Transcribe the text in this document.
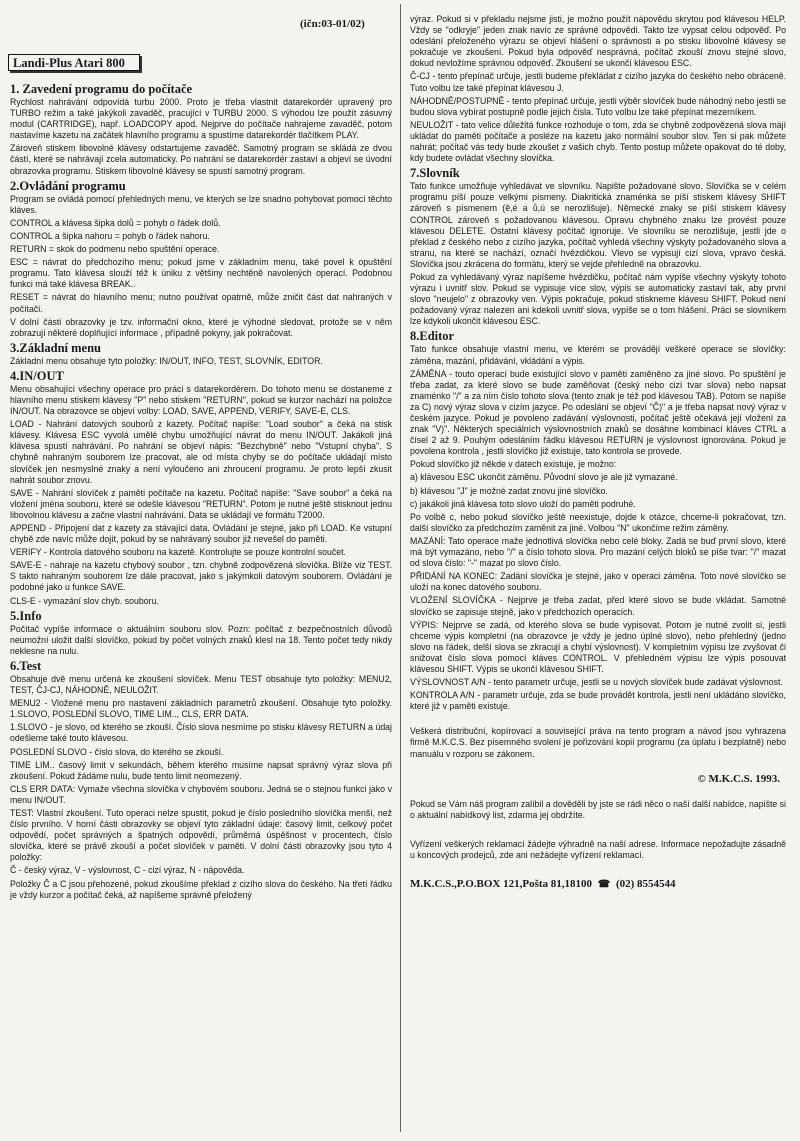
(ičn:03-01/02)
Landi-Plus Atari 800
1. Zavedení programu do počítače

Rychlost nahrávání odpovídá turbu 2000. Proto je třeba vlastnit datarekordér upravený pro TURBO režim a také jakýkoli zavaděč, pracující v TURBU 2000. S výhodou lze použít zásuvný modul (CARTRIDGE), např. LOADCOPY apod. Nejprve do počítače nahrajeme zavaděč, potom nastavíme kazetu na začátek hlavního programu a spustíme datarekordér tlačítkem PLAY.

Zároveň stiskem libovolné klávesy odstartujeme zavaděč. Samotný program se skládá ze dvou částí, které se nahrávají zcela automaticky. Po nahrání se datarekordér zastaví a objeví se úvodní obrazovka programu. Stiskem libovolné klávesy se spustí samotný program.

2.Ovládání programu

Program se ovládá pomocí přehledných menu, ve kterých se lze snadno pohybovat pomocí těchto kláves.

CONTROL a klávesa šipka dolů = pohyb o řádek dolů.

CONTROL a šipka nahoru = pohyb o řádek nahoru.

RETURN = skok do podmenu nebo spuštění operace.

ESC = návrat do předchozího menu; pokud jsme v základním menu, také povel k opuštění programu. Tato klávesa slouží též k úniku z většiny nechtěně navolených operací. Podobnou funkci má také klávesa BREAK..

RESET = návrat do hlavního menu; nutno používat opatrně, může zničit část dat nahraných v počítači.

V dolní části obrazovky je tzv. informační okno, které je výhodné sledovat, protože se v něm zobrazují některé doplňující informace , případně pokyny, jak pokračovat.

3.Základní menu

Základní menu obsahuje tyto položky: IN/OUT, INFO, TEST, SLOVNÍK, EDITOR.

4.IN/OUT

Menu obsahující všechny operace pro práci s datarekordérem. Do tohoto menu se dostaneme z hlavního menu stiskem klávesy "P" nebo stiskem "RETURN", pokud se kurzor nachází na položce IN/OUT. Na obrazovce se objeví volby: LOAD, SAVE, APPEND, VERIFY, SAVE-E, CLS.

LOAD - Nahrání datových souborů z kazety. Počítač napíše: "Load soubor" a čeká na stisk klávesy. Klávesa ESC vyvolá umělé chybu umožňující návrat do menu IN/OUT. Jakákoli jiná klávesa spustí nahrávání. Po nahrání se objeví nápis: "Bezchybně" nebo "Vstupní chyba". S chybně nahraným souborem lze pracovat, ale od místa chyby se do počítače ukládají místo slovíček jen nesmyslné znaky a není vyloučeno ani zhroucení programu. Je proto lepší zkusit nahrát soubor znovu.

SAVE - Nahrání slovíček z paměti počítače na kazetu. Počítač napíše: "Save soubor" a čeká na vložení jména souboru, které se odešle klávesou "RETURN". Potom je nutné ještě stisknout jednu libovolnou klávesu a začne vlastní nahrávání. Data se ukládají ve formátu T2000.

APPEND - Připojení dat z kazety za stávající data. Ovládání je stejné, jako při LOAD. Ke vstupní chybě zde navíc může dojít, pokud by se nahrávaný soubor již nevešel do paměti.

VERIFY - Kontrola datového souboru na kazetě. Kontrolujte se pouze kontrolní součet.

SAVE-E - nahraje na kazetu chybový soubor , tzn. chybně zodpovězená slovíčka. Blíže viz TEST. S takto nahraným souborem lze dále pracovat, jako s jakýmkoli datovým souborem. Ovládání je podobné jako u funkce SAVE.

CLS-E - vymazání slov chyb. souboru.

5.Info

Počítač vypíše informace o aktuálním souboru slov. Pozn: počítač z bezpečnostních důvodů neumožní uložit další slovíčko, pokud by počet volných znaků klesl na 18. Tento počet tedy nikdy neklesne na nulu.

6.Test

Obsahuje dvě menu určená ke zkoušení slovíček. Menu TEST obsahuje tyto položky: MENU2, TEST, ČJ-CJ, NÁHODNĚ, NEULOŽIT.

MENU2 - Vložené menu pro nastavení základních parametrů zkoušení. Obsahuje tyto položky. 1.SLOVO, POSLEDNÍ SLOVO, TIME LIM.., CLS, ERR DATA.

1.SLOVO - je slovo, od kterého se zkouší. Číslo slova nesmíme po stisku klávesy RETURN a údaj odešleme také touto klávesou.

POSLEDNÍ SLOVO - číslo slova, do kterého se zkouší.

TIME LIM.. časový limit v sekundách, během kterého musíme napsat správný výraz slova při zkoušení. Pokud žádáme nulu, bude tento limit neomezený.

CLS ERR DATA: Vymaže všechna slovíčka v chybovém souboru. Jedná se o stejnou funkci jako v menu IN/OUT.

TEST: Vlastní zkoušení. Tuto operaci nelze spustit, pokud je číslo posledního slovíčka menší, než číslo prvního. V horní části obrazovky se objeví tyto základní údaje: časový limit, celkový počet odpovědí, počet správných a špatných odpovědí, průměrná úspěšnost v procentech, číslo slovíčka, které se právě zkouší a počet slovíček v paměti. V dolní části obrazovky jsou tyto 4 položky:

Č - český výraz, V - výslovnost, C - cizí výraz, N - nápověda.

Položky Č a C jsou přehozené, pokud zkoušíme překlad z cizího slova do českého. Na třetí řádku je vždy kurzor a počítač čeká, až napíšeme správně přeložený

výraz. Pokud si v překladu nejsme jisti, je možno použít nápovědu skrytou pod klávesou HELP. Vždy se "odkryje" jeden znak navíc ze správné odpovědi. Takto lze vypsat celou odpověď. Po odeslání přeloženého výrazu se objeví hlášení o správnosti a po stisku libovolné klávesy se pokračuje ve zkoušení. Pokud byla odpověď nesprávná, počítač zkouší znovu stejné slovo, dokud nevložíme správnou odpověď. Zkoušení se ukončí klávesou ESC.

Č-CJ - tento přepínač určuje, jestli budeme překládat z cizího jazyka do českého nebo obráceně. Tuto volbu lze také přepínat klávesou J.

NÁHODNĚ/POSTUPNĚ - tento přepínač určuje, jestli výběr slovíček bude náhodný nebo jestli se budou slova vybírat postupně podle jejich čísla. Tuto volbu lze také přepínat mezerníkem.

NEULOŽIT - tato velice důležitá funkce rozhoduje o tom, zda se chybně zodpovězená slova mají ukládat do paměti počítače a posléze na kazetu jako normální soubor slov. Ten si pak můžete nahrát; počítač vás tedy bude zkoušet z vašich chyb. Tento postup můžete opakovat do té doby, kdy budete ovládat všechny slovíčka.

7.Slovník

Tato funkce umožňuje vyhledávat ve slovníku. Napište požadované slovo. Slovíčka se v celém programu píší pouze velkými písmeny. Diakritická znaménka se píší stiskem klávesy SHIFT zároveň s písmenem (ě,é a ů,ú se nerozlišuje). Německé znaky se píší stiskem klávesy CONTROL zároveň s požadovanou klávesou. Opravu chybného znaku lze provést pouze klávesou DELETE. Ostatní klávesy počítač ignoruje. Ve slovníku se nerozlišuje, jestli jde o překlad z českého nebo z cizího jazyka, počítač vyhledá všechny výskyty požadovaného slova a stranu, na které se nachází, označí hvězdičkou. Vlevo se vypisují cizí slova, vpravo česká. Slovíčka jsou zkrácena do formátu, který se vejde přehledně na obrazovku.

Pokud za vyhledávaný výraz napíšeme hvězdičku, počítač nám vypíše všechny výskyty tohoto výrazu i uvnitř slov. Pokud se vypisuje více slov, výpis se automaticky zastaví tak, aby první slovo "neujelo" z obrazovky ven. Výpis pokračuje, pokud stiskneme klávesu SHIFT. Pokud není požadovaný výraz nalezen ani kdekoli uvnitř slova, vypíše se o tom hlášení. Práci se slovníkem lze kdykoli ukončit klávesou ESC.

8.Editor

Tato funkce obsahuje vlastní menu, ve kterém se provádějí veškeré operace se slovíčky: záměna, mazání, přidávání, vkládání a výpis.

ZÁMĚNA - touto operací bude existující slovo v paměti zaměněno za jiné slovo. Po spuštění je třeba zadat, za které slovo se bude zaměňovat (český nebo cizí tvar slova) nebo napsat znaménko "/" a za ním číslo tohoto slova (tento znak je též pod klávesou TAB). Potom se napíše za C) nový výraz slova v cizím jazyce. Po odeslání se objeví "Č)" a je třeba napsat nový výraz v českém jazyce. Pokud je povoleno zadávání výslovnosti, počítač ještě očekává její vložení za znak "V)". Některých speciálních výslovnostních znaků se dosáhne kombinací kláves CTRL a čísel 2 až 9. Pouhým odesláním řádku klávesou RETURN je výslovnost ignorována. Pokud je povolena kontrola , jestli slovíčko již existuje, tato kontrola se provede.

Pokud slovíčko již někde v datech existuje, je možno:

a) klávesou ESC ukončit záměnu. Původní slovo je ale již vymazané.

b) klávesou "J" je možné zadat znovu jiné slovíčko.

c) jakákoli jiná klávesa toto slovo uloží do paměti podruhé.

Po volbě c, nebo pokud slovíčko ještě neexistuje, dojde k otázce, chceme-li pokračovat, tzn. další slovíčko za předchozím zaměnit za jiné. Volbou "N" ukončíme režim záměny.

MAZÁNÍ: Tato operace maže jednotlivá slovíčka nebo celé bloky. Zadá se buď první slovo, které má být vymazáno, nebo "/" a číslo tohoto slova. Pro mazání celých bloků se píše tvar: "/" mazat od slova číslo: "-" mazat po slovo číslo.

PŘIDÁNÍ NA KONEC: Zadání slovíčka je stejné, jako v operaci záměna. Toto nové slovíčko se uloží na konec datového souboru.

VLOŽENÍ SLOVÍČKA - Nejprve je třeba zadat, před které slovo se bude vkládat. Samotné slovíčko se zapisuje stejně, jako v předchozích operacích.

VÝPIS: Nejprve se zadá, od kterého slova se bude vypisovat. Potom je nutné zvolit si, jestli chceme výpis kompletní (na obrazovce je vždy je jedno úplné slovo), nebo přehledný (jedno slovo na řádek, delší slova se zkracují a chybí výslovnost). V kompletním výpisu lze zvyšovat či snižovat číslo slova pomocí kláves CONTROL. V přehledném výpisu lze výpis posouvat klávesou SHIFT. Výpis se ukončí klávesou SHIFT.

VÝSLOVNOST A/N - tento parametr určuje, jestli se u nových slovíček bude zadávat výslovnost.

KONTROLA A/N - parametr určuje, zda se bude provádět kontrola, jestli není ukládáno slovíčko, které již v paměti existuje.

Veškerá distribuční, kopírovací a související práva na tento program a návod jsou vyhrazena firmě M.K.C.S. Bez písemného svolení je pořizování kopií programu (za úplatu i bezplatně) nebo manuálu v rozporu se zákonem.

© M.K.C.S. 1993.

Pokud se Vám náš program zalíbil a dověděli by jste se rádi něco o naší další nabídce, napište si o aktuální nabídkový list, zdarma jej obdržíte.

Vyřízení veškerých reklamací žádejte výhradně na naší adrese. Informace nepožadujte zásadně u koncových prodejců, zde ani nežádejte vyřízení reklamací.

M.K.C.S.,P.O.BOX 121,Pošta 81,18100 ☎ (02) 8554544
